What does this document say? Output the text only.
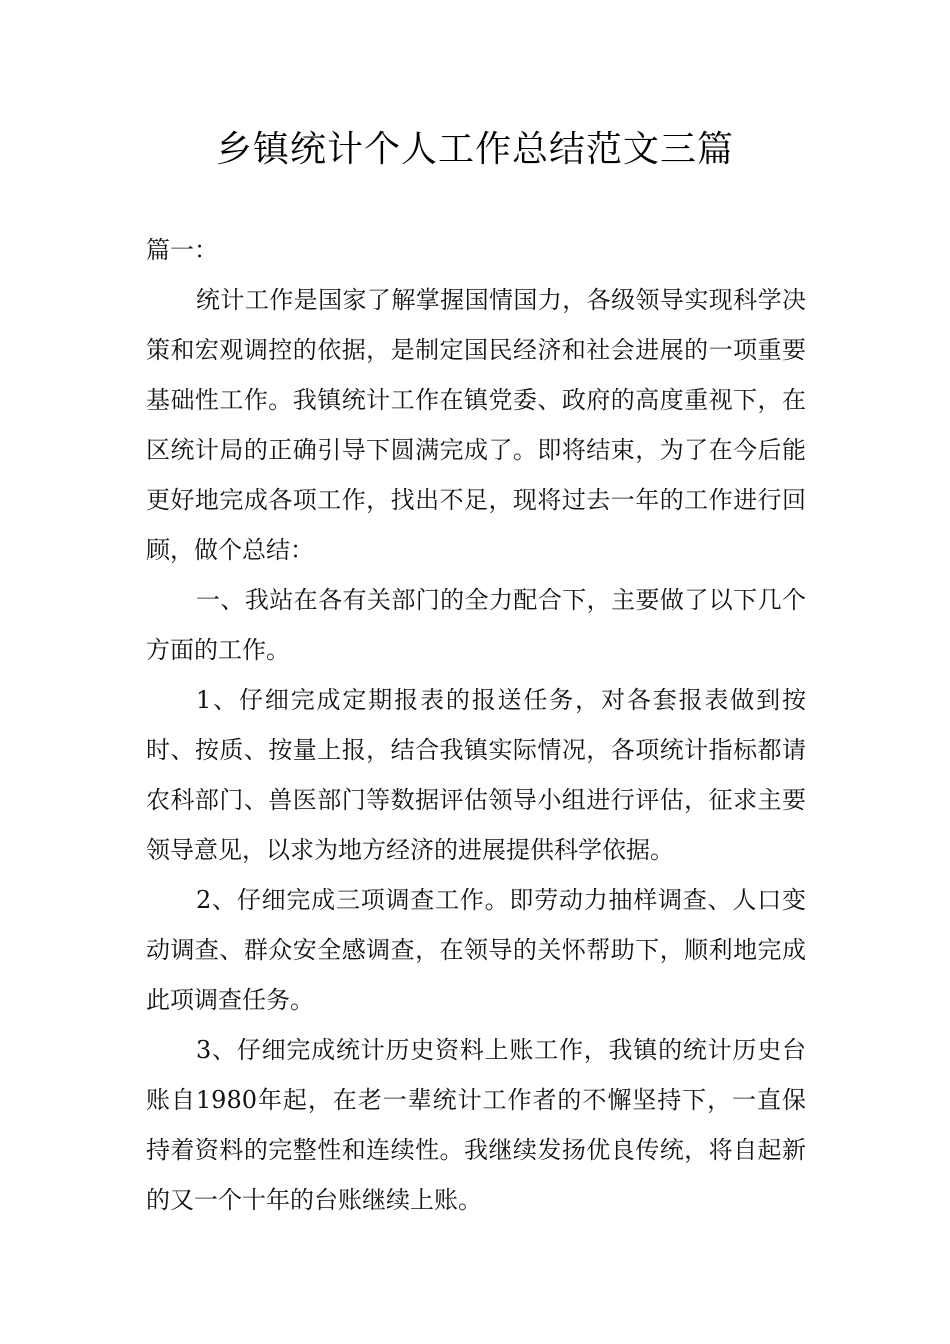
乡镇统计个人工作总结范文三篇

篇一：

统计工作是国家了解掌握国情国力，各级领导实现科学决策和宏观调控的依据，是制定国民经济和社会进展的一项重要基础性工作。我镇统计工作在镇党委、政府的高度重视下，在区统计局的正确引导下圆满完成了。即将结束，为了在今后能更好地完成各项工作，找出不足，现将过去一年的工作进行回顾，做个总结：

一、我站在各有关部门的全力配合下，主要做了以下几个方面的工作。

1、仔细完成定期报表的报送任务，对各套报表做到按时、按质、按量上报，结合我镇实际情况，各项统计指标都请农科部门、兽医部门等数据评估领导小组进行评估，征求主要领导意见，以求为地方经济的进展提供科学依据。

2、仔细完成三项调查工作。即劳动力抽样调查、人口变动调查、群众安全感调查，在领导的关怀帮助下，顺利地完成此项调查任务。

3、仔细完成统计历史资料上账工作，我镇的统计历史台账自1980年起，在老一辈统计工作者的不懈坚持下，一直保持着资料的完整性和连续性。我继续发扬优良传统，将自起新的又一个十年的台账继续上账。
